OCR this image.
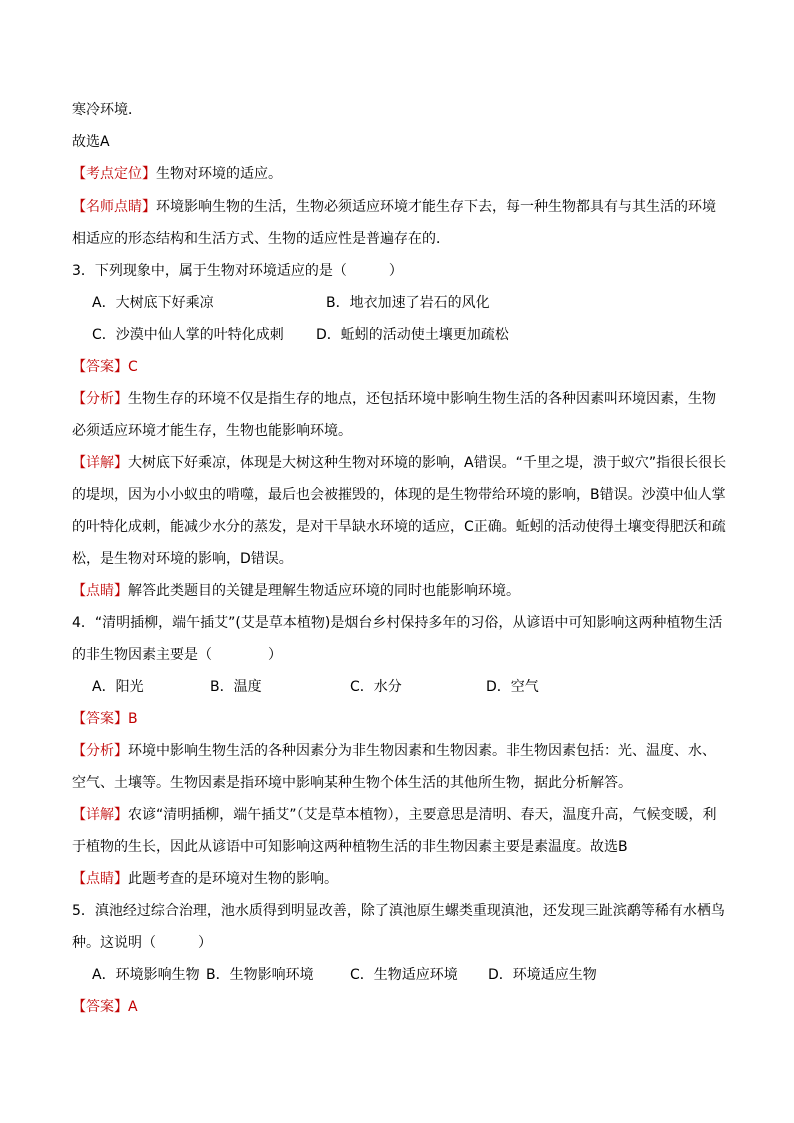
寒冷环境．
故选A
【考点定位】生物对环境的适应。
【名师点睛】环境影响生物的生活，生物必须适应环境才能生存下去，每一种生物都具有与其生活的环境
相适应的形态结构和生活方式、生物的适应性是普遍存在的．
3．下列现象中，属于生物对环境适应的是（　　　）
A．大树底下好乘凉	B．地衣加速了岩石的风化
C．沙漠中仙人掌的叶特化成刺 D．蚯蚓的活动使土壤更加疏松
【答案】C
【分析】生物生存的环境不仅是指生存的地点，还包括环境中影响生物生活的各种因素叫环境因素，生物
必须适应环境才能生存，生物也能影响环境。
【详解】大树底下好乘凉，体现是大树这种生物对环境的影响，A错误。“千里之堤，溃于蚁穴”指很长很长
的堤坝，因为小小蚁虫的啃噬，最后也会被摧毁的，体现的是生物带给环境的影响，B错误。沙漠中仙人掌
的叶特化成刺，能减少水分的蒸发，是对干旱缺水环境的适应，C正确。蚯蚓的活动使得土壤变得肥沃和疏
松，是生物对环境的影响，D错误。
【点睛】解答此类题目的关键是理解生物适应环境的同时也能影响环境。
4．“清明插柳，端午插艾”(艾是草本植物)是烟台乡村保持多年的习俗，从谚语中可知影响这两种植物生活
的非生物因素主要是（　　　　）
A．阳光	B．温度	C．水分	D．空气
【答案】B
【分析】环境中影响生物生活的各种因素分为非生物因素和生物因素。非生物因素包括：光、温度、水、
空气、土壤等。生物因素是指环境中影响某种生物个体生活的其他所生物，据此分析解答。
【详解】农谚“清明插柳，端午插艾”（艾是草本植物），主要意思是清明、春天，温度升高，气候变暖，利
于植物的生长，因此从谚语中可知影响这两种植物生活的非生物因素主要是素温度。故选B
【点睛】此题考查的是环境对生物的影响。
5．滇池经过综合治理，池水质得到明显改善，除了滇池原生螺类重现滇池，还发现三趾滨鹬等稀有水栖鸟
种。这说明（　　　）
A．环境影响生物 B．生物影响环境	C．生物适应环境 D．环境适应生物
【答案】A
